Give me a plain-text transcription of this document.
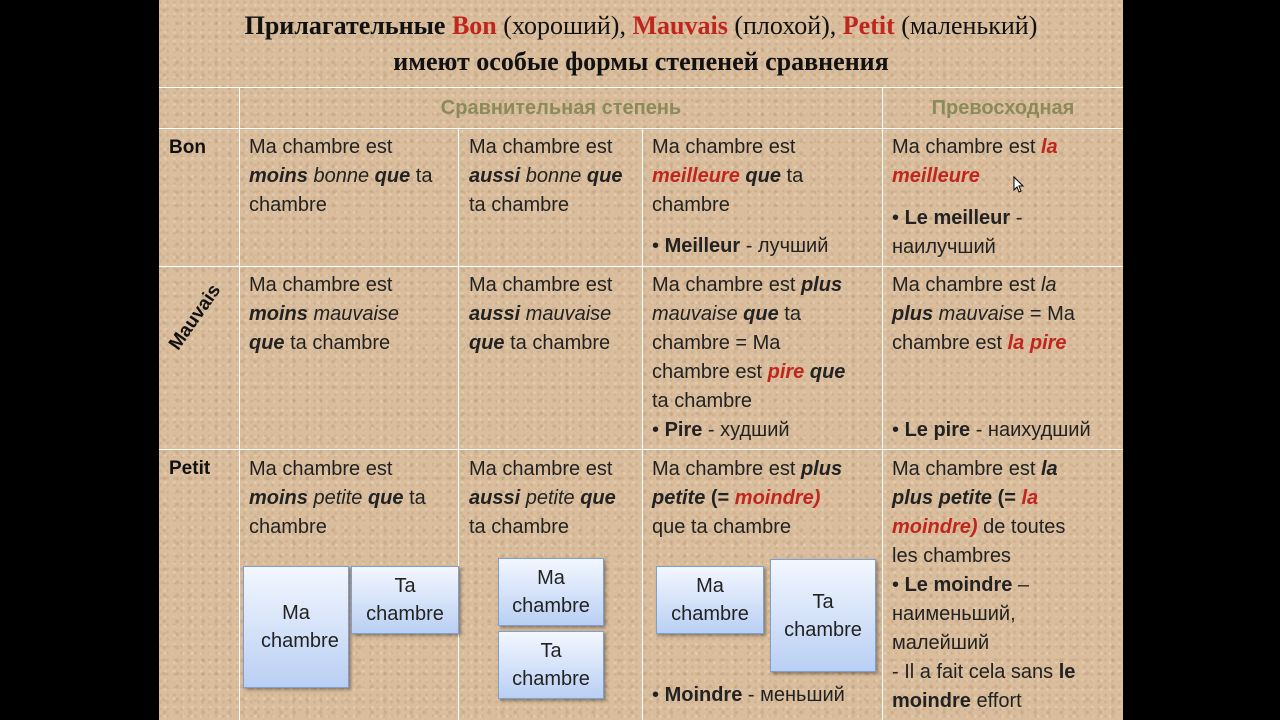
Прилагательные Bon (хороший), Mauvais (плохой), Petit (маленький)
имеют особые формы степеней сравнения
Сравнительная степень	Превосходная
Bon
Mauvais
Petit
Ma chambre est
moins bonne que ta
chambre
Ma chambre est
aussi bonne que
ta chambre
Ma chambre est
meilleure que ta
chambre
• Meilleur - лучший
Ma chambre est la
meilleure
• Le meilleur -
наилучший
Ma chambre est
moins mauvaise
que ta chambre
Ma chambre est
aussi mauvaise
que ta chambre
Ma chambre est plus
mauvaise que ta
chambre = Ma
chambre est pire que
ta chambre
• Pire - худший
Ma chambre est la
plus mauvaise = Ma
chambre est la pire
• Le pire - наихудший
Ma chambre est
moins petite que ta
chambre
Ma chambre est
aussi petite que
ta chambre
Ma chambre est plus
petite (= moindre)
que ta chambre
• Moindre - меньший
Ma chambre est la
plus petite (= la
moindre) de toutes
les chambres
• Le moindre –
наименьший,
малейший
- Il a fait cela sans le
moindre effort
Ma chambre
Ta chambre
Ma chambre
Ta chambre
Ma chambre
Ta chambre
